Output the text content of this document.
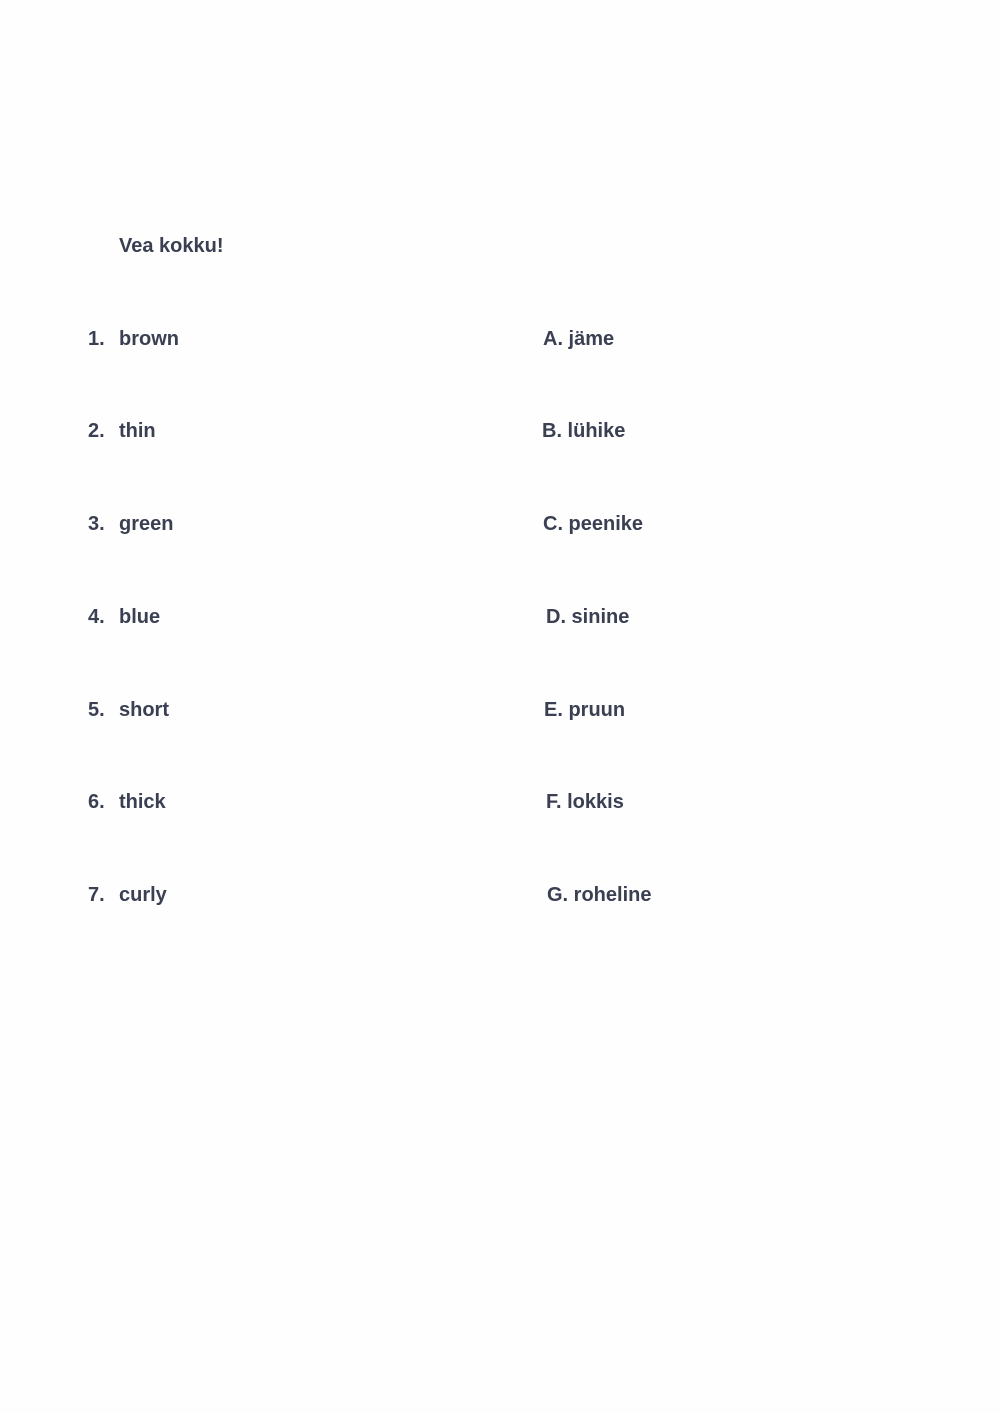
Vea kokku!
1. brown
2. thin
3. green
4. blue
5. short
6. thick
7. curly
A. jäme
B. lühike
C. peenike
D. sinine
E. pruun
F. lokkis
G. roheline
